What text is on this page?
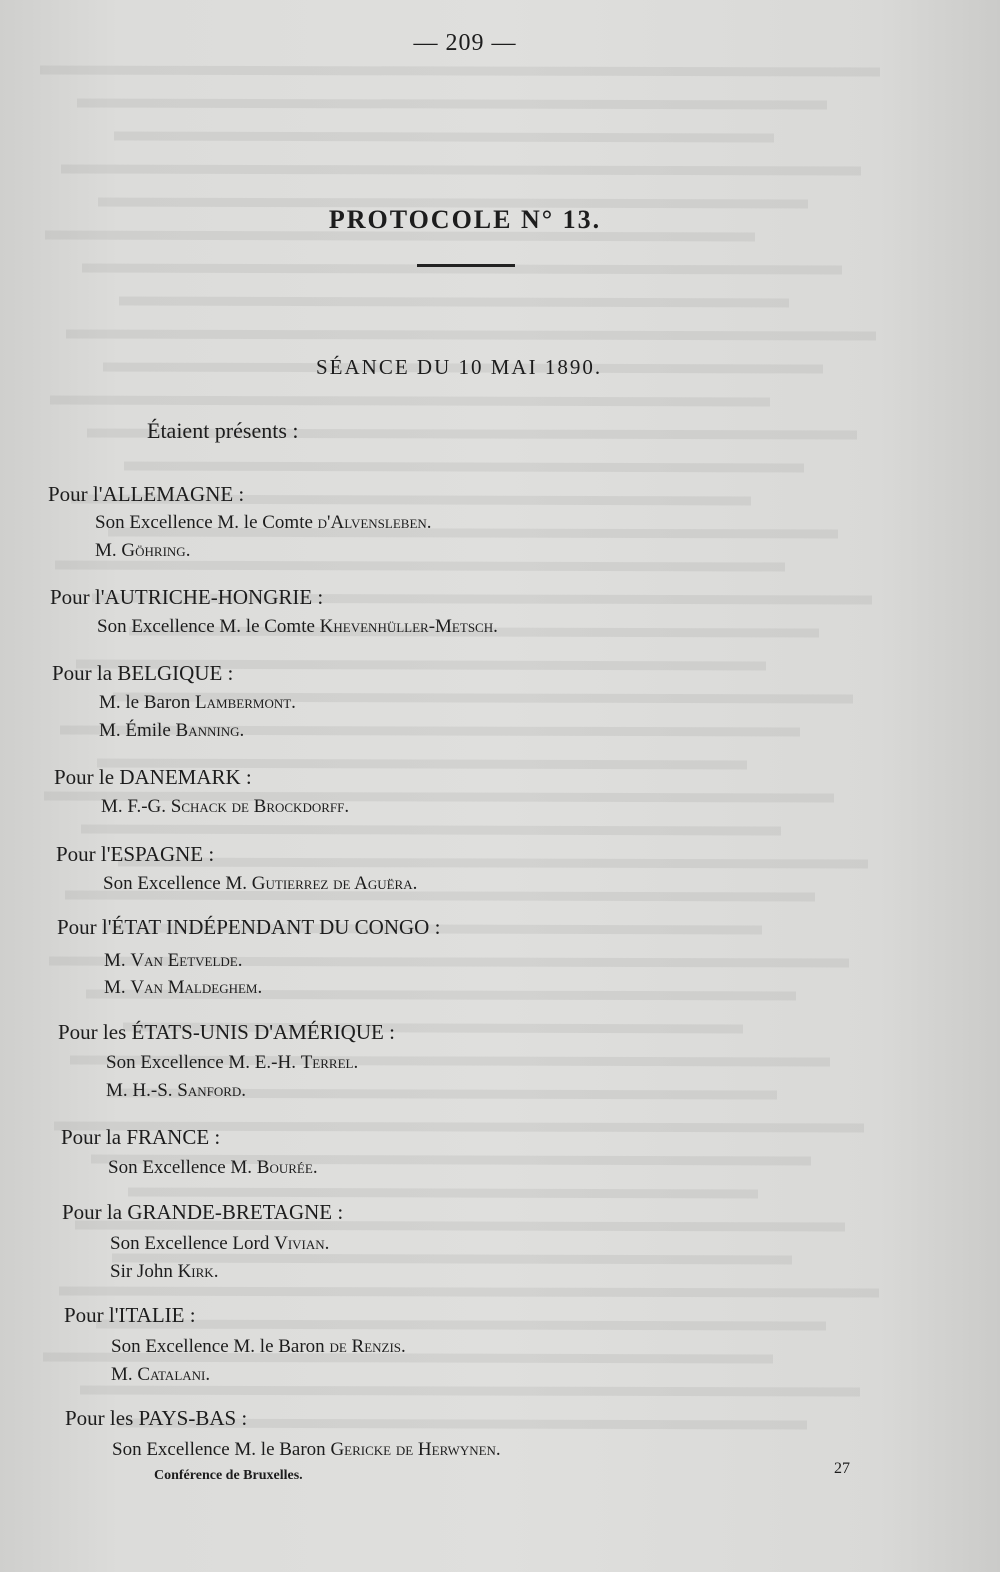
— 209 —
PROTOCOLE N° 13.
SÉANCE DU 10 MAI 1890.
Étaient présents :
Pour l'ALLEMAGNE :
Son Excellence M. le Comte d'Alvensleben.
M. Göhring.
Pour l'AUTRICHE-HONGRIE :
Son Excellence M. le Comte Khevenhüller-Metsch.
Pour la BELGIQUE :
M. le Baron Lambermont.
M. Émile Banning.
Pour le DANEMARK :
M. F.-G. Schack de Brockdorff.
Pour l'ESPAGNE :
Son Excellence M. Gutierrez de Aguëra.
Pour l'ÉTAT INDÉPENDANT DU CONGO :
M. Van Eetvelde.
M. Van Maldeghem.
Pour les ÉTATS-UNIS D'AMÉRIQUE :
Son Excellence M. E.-H. Terrel.
M. H.-S. Sanford.
Pour la FRANCE :
Son Excellence M. Bourée.
Pour la GRANDE-BRETAGNE :
Son Excellence Lord Vivian.
Sir John Kirk.
Pour l'ITALIE :
Son Excellence M. le Baron de Renzis.
M. Catalani.
Pour les PAYS-BAS :
Son Excellence M. le Baron Gericke de Herwynen.
Conférence de Bruxelles.	27
